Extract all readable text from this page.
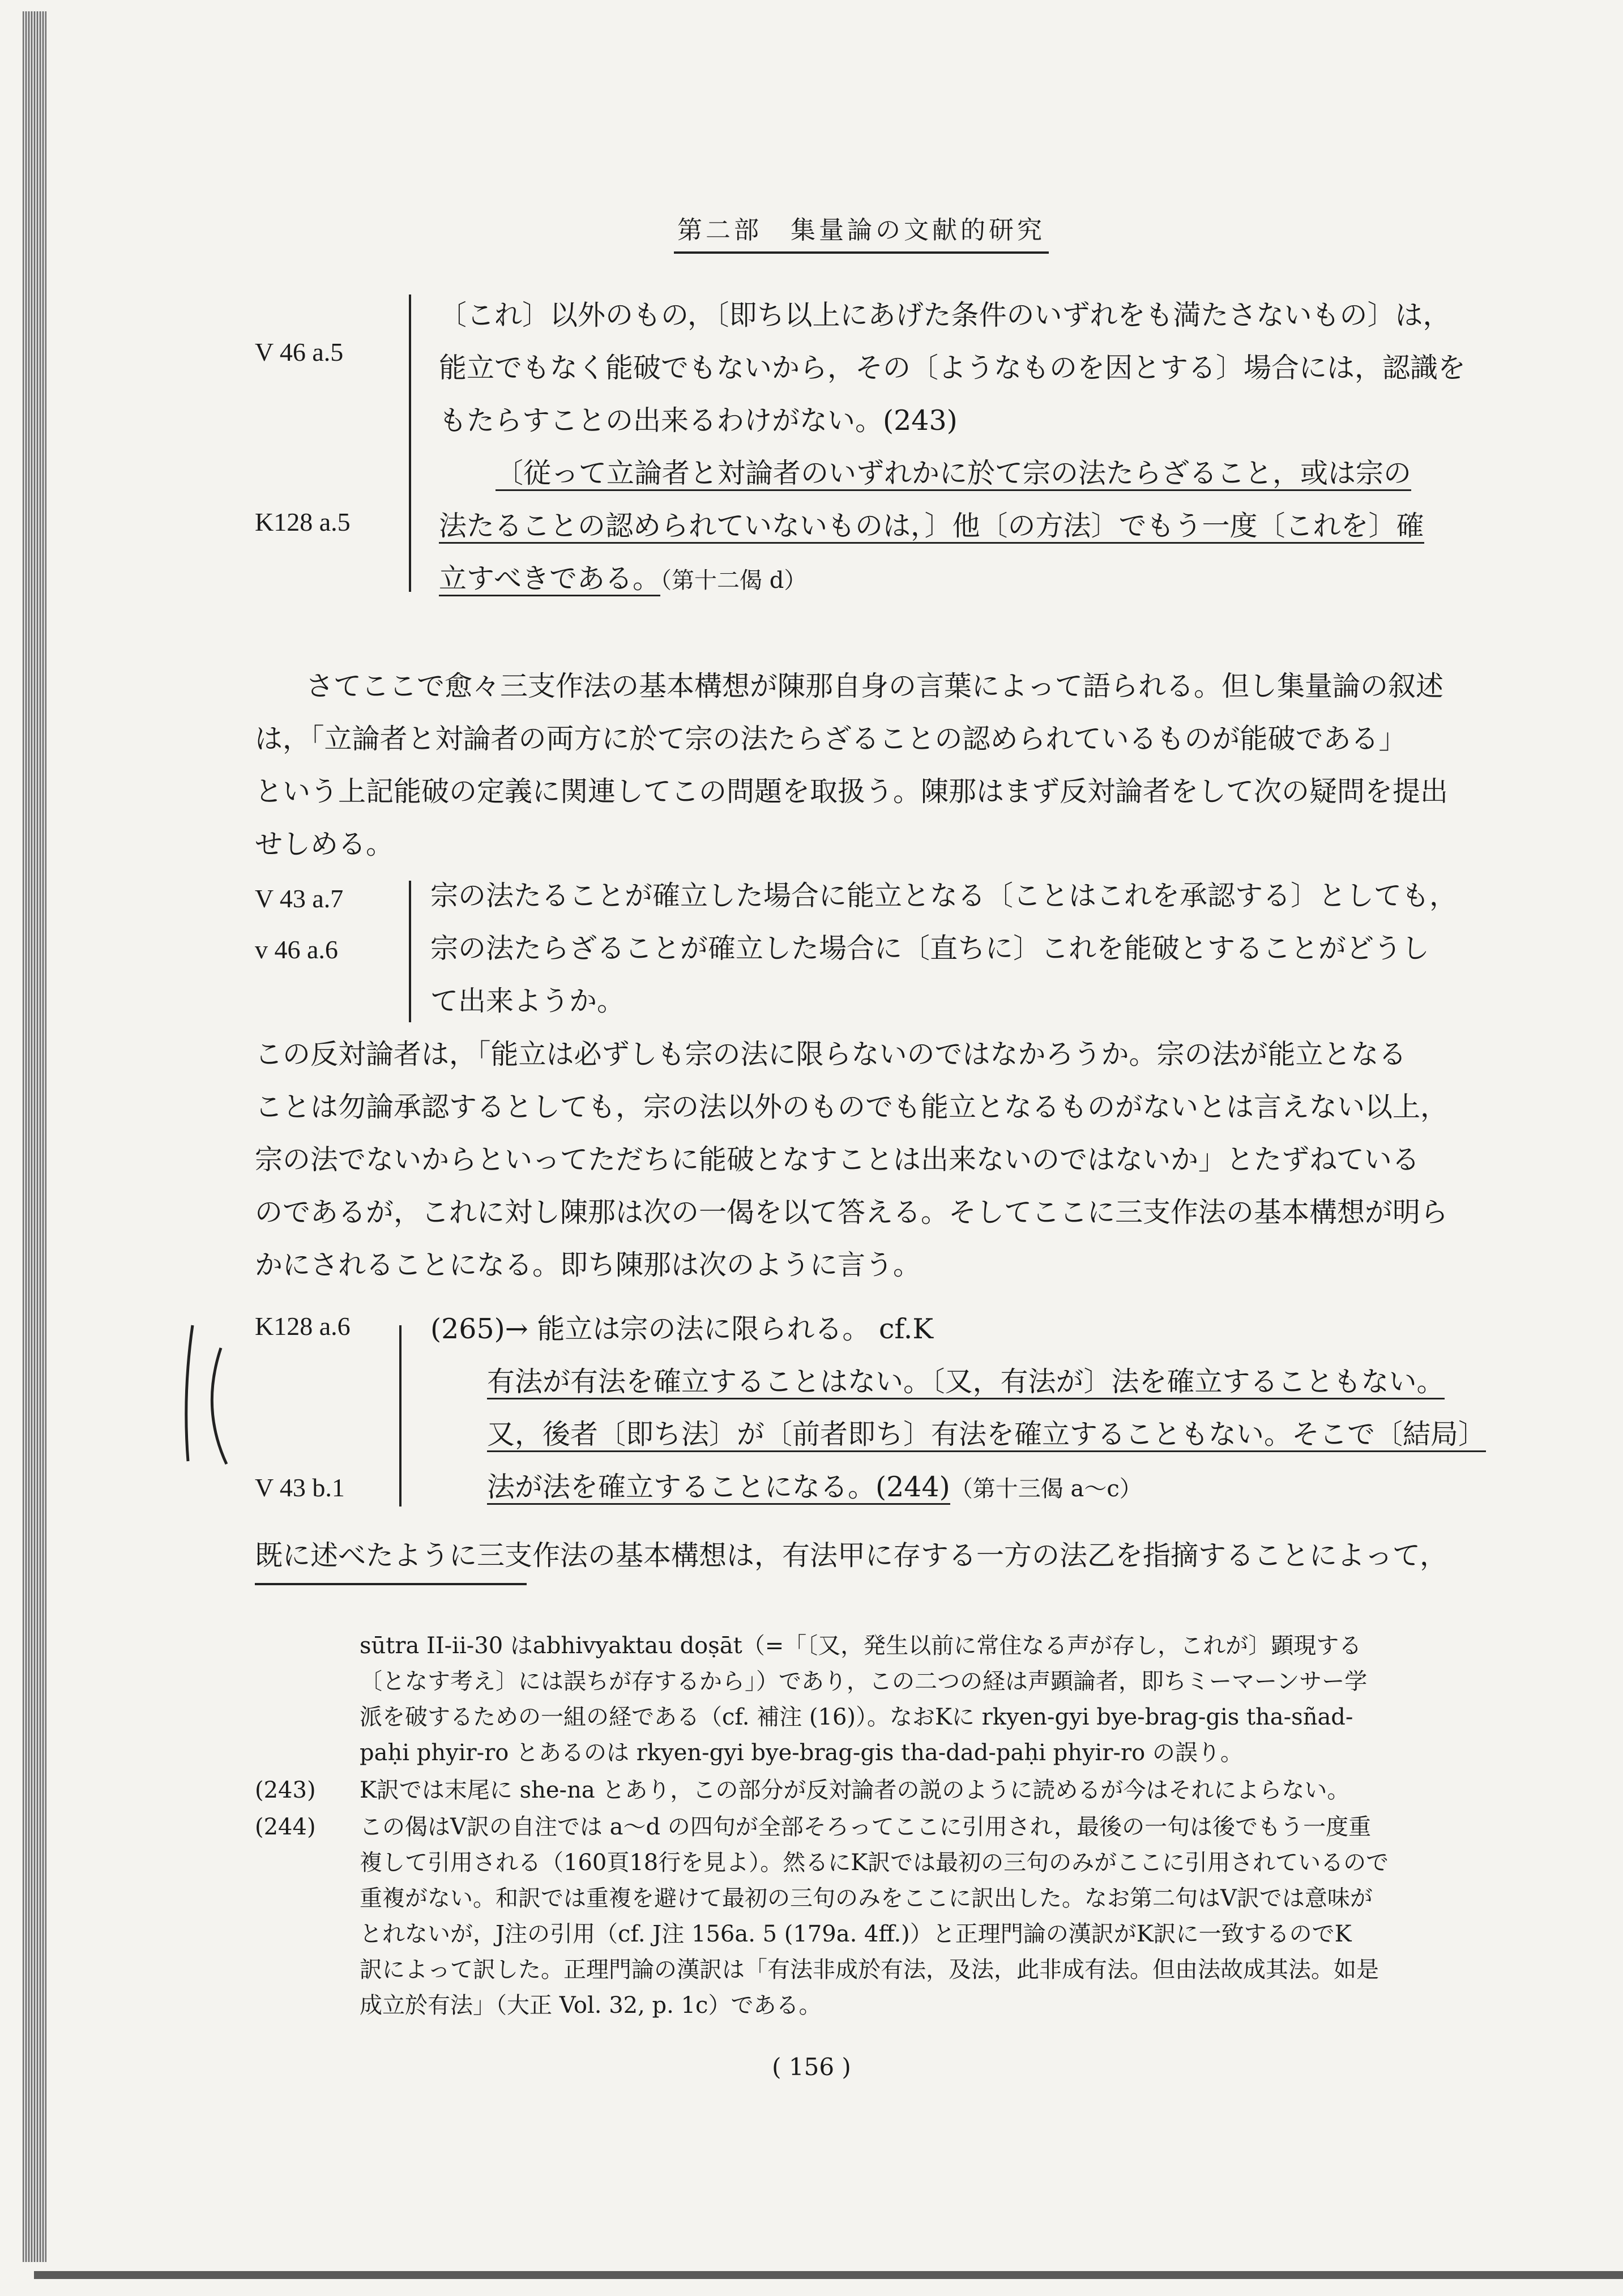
第二部　集量論の文献的研究
V 46 a.5
K128 a.5

〔これ〕以外のもの，〔即ち以上にあげた条件のいずれをも満たさないもの〕は，

能立でもなく能破でもないから，その〔ようなものを因とする〕場合には，認識を

もたらすことの出来るわけがない。(243)

〔従って立論者と対論者のいずれかに於て宗の法たらざること，或は宗の

法たることの認められていないものは，〕他〔の方法〕でもう一度〔これを〕確

立すべきである。（第十二偈 d）

さてここで愈々三支作法の基本構想が陳那自身の言葉によって語られる。但し集量論の叙述

は，「立論者と対論者の両方に於て宗の法たらざることの認められているものが能破である」

という上記能破の定義に関連してこの問題を取扱う。陳那はまず反対論者をして次の疑問を提出

せしめる。

V 43 a.7
v 46 a.6

宗の法たることが確立した場合に能立となる〔ことはこれを承認する〕としても，

宗の法たらざることが確立した場合に〔直ちに〕これを能破とすることがどうし

て出来ようか。

この反対論者は，「能立は必ずしも宗の法に限らないのではなかろうか。宗の法が能立となる

ことは勿論承認するとしても，宗の法以外のものでも能立となるものがないとは言えない以上，

宗の法でないからといってただちに能破となすことは出来ないのではないか」とたずねている

のであるが，これに対し陳那は次の一偈を以て答える。そしてここに三支作法の基本構想が明ら

かにされることになる。即ち陳那は次のように言う。

K128 a.6
V 43 b.1

(265)→ 能立は宗の法に限られる。 cf.K

有法が有法を確立することはない。〔又，有法が〕法を確立することもない。

又，後者〔即ち法〕が〔前者即ち〕有法を確立することもない。そこで〔結局〕

法が法を確立することになる。(244)（第十三偈 a〜c）

既に述べたように三支作法の基本構想は，有法甲に存する一方の法乙を指摘することによって，

sūtra II-ii-30 はabhivyaktau doṣāt（=「〔又，発生以前に常住なる声が存し，これが〕顕現する

〔となす考え〕には誤ちが存するから」）であり，この二つの経は声顕論者，即ちミーマーンサー学

派を破するための一組の経である（cf. 補注 (16)）。なおKに rkyen-gyi bye-brag-gis tha-sñad-

paḥi phyir-ro とあるのは rkyen-gyi bye-brag-gis tha-dad-paḥi phyir-ro の誤り。

(243) K訳では末尾に she-na とあり，この部分が反対論者の説のように読めるが今はそれによらない。

(244) この偈はV訳の自注では a〜d の四句が全部そろってここに引用され，最後の一句は後でもう一度重

複して引用される（160頁18行を見よ）。然るにK訳では最初の三句のみがここに引用されているので

重複がない。和訳では重複を避けて最初の三句のみをここに訳出した。なお第二句はV訳では意味が

とれないが，J注の引用（cf. J注 156a. 5 (179a. 4ff.)）と正理門論の漢訳がK訳に一致するのでK

訳によって訳した。正理門論の漢訳は「有法非成於有法，及法，此非成有法。但由法故成其法。如是

成立於有法」（大正 Vol. 32, p. 1c）である。

( 156 )
